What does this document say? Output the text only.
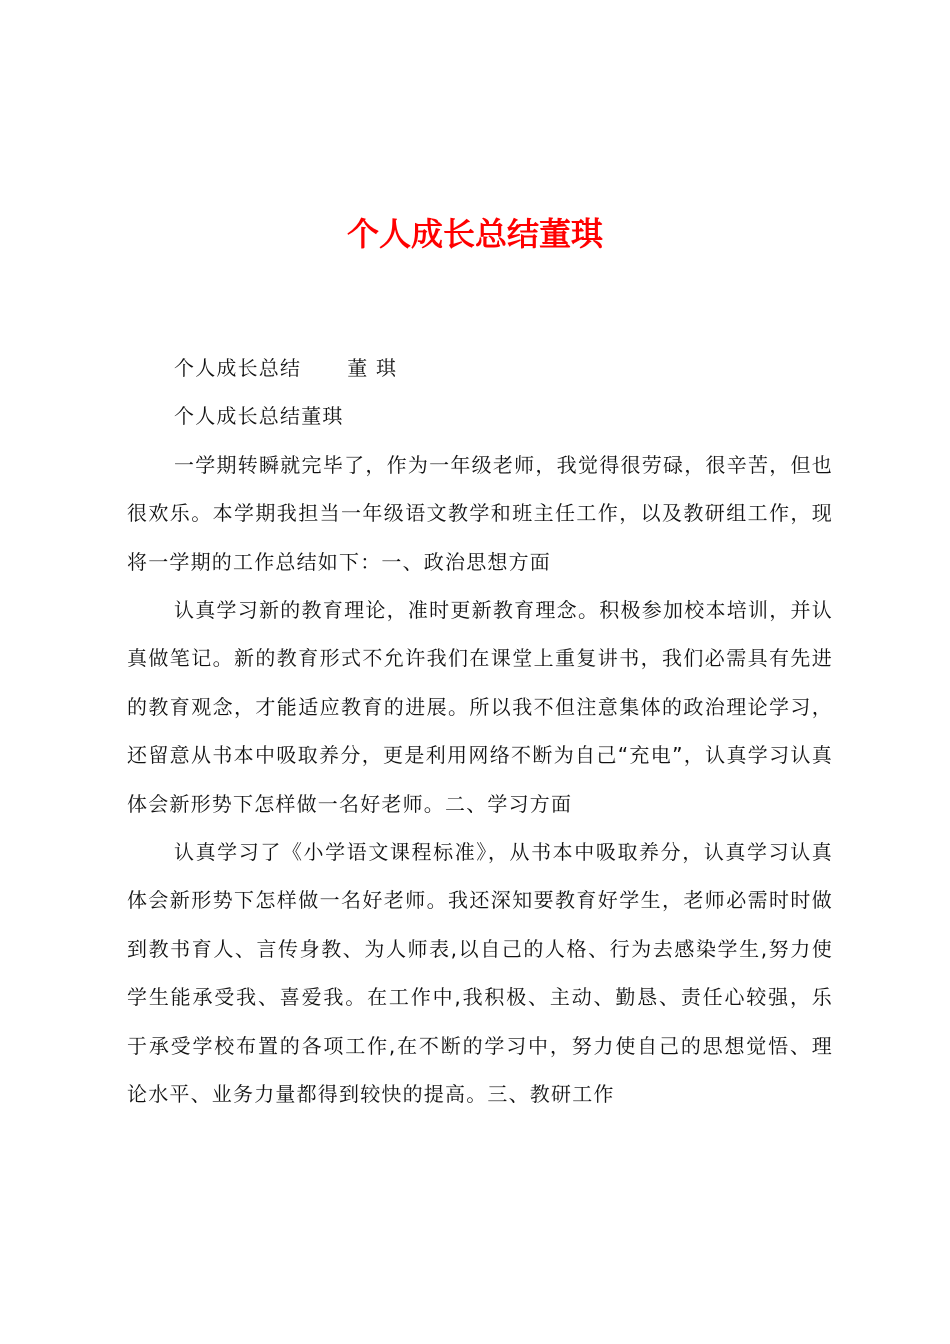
个人成长总结董琪

个人成长总结 董 琪

个人成长总结董琪

一学期转瞬就完毕了，作为一年级老师，我觉得很劳碌，很辛苦，但也很欢乐。本学期我担当一年级语文教学和班主任工作，以及教研组工作，现将一学期的工作总结如下：一、政治思想方面

认真学习新的教育理论，准时更新教育理念。积极参加校本培训，并认真做笔记。新的教育形式不允许我们在课堂上重复讲书，我们必需具有先进的教育观念，才能适应教育的进展。所以我不但注意集体的政治理论学习，还留意从书本中吸取养分，更是利用网络不断为自己“充电”，认真学习认真体会新形势下怎样做一名好老师。二、学习方面

认真学习了《小学语文课程标准》，从书本中吸取养分，认真学习认真体会新形势下怎样做一名好老师。我还深知要教育好学生，老师必需时时做到教书育人、言传身教、为人师表,以自己的人格、行为去感染学生,努力使学生能承受我、喜爱我。在工作中,我积极、主动、勤恳、责任心较强，乐于承受学校布置的各项工作,在不断的学习中，努力使自己的思想觉悟、理论水平、业务力量都得到较快的提高。三、教研工作
